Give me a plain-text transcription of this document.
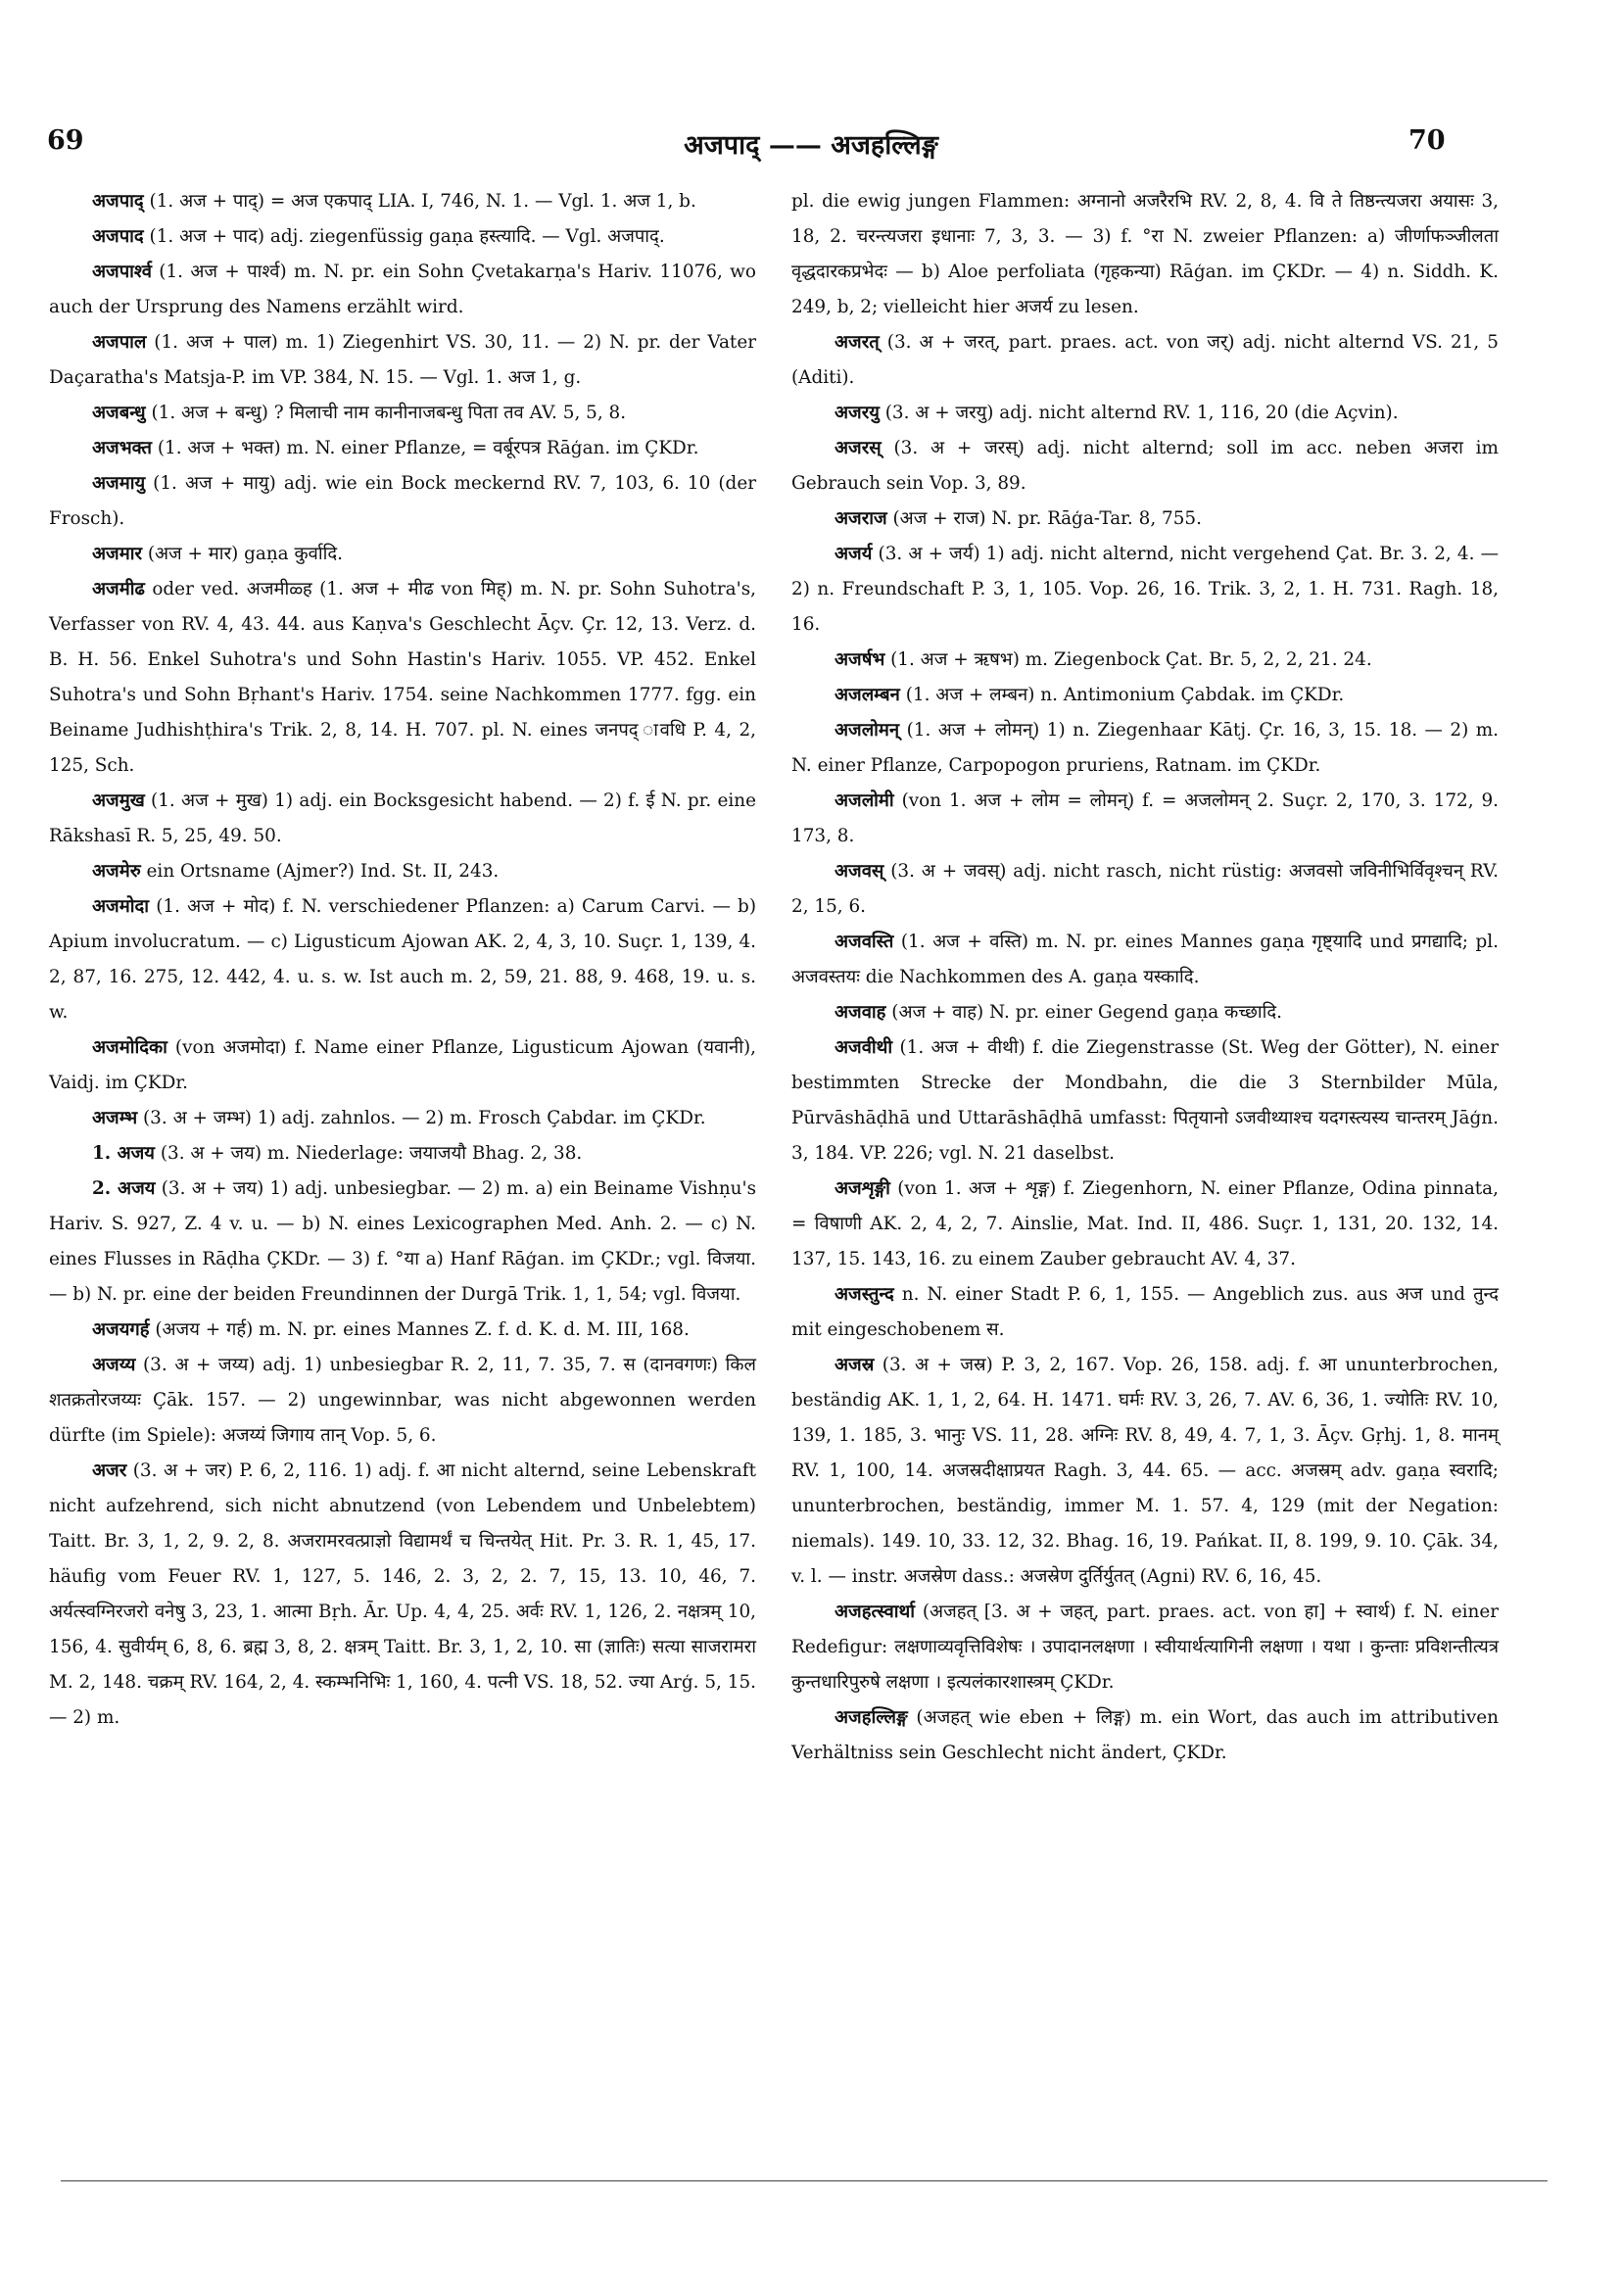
69	अजपाद् —— अजहल्लिङ्ग	70

अजपाद् (1. अज + पाद्) = अज एकपाद् LIA. I, 746, N. 1. — Vgl. 1. अज 1, b.

अजपाद (1. अज + पाद) adj. ziegenfüssig gaṇa हस्त्यादि. — Vgl. अजपाद्.

अजपार्श्व (1. अज + पार्श्व) m. N. pr. ein Sohn Çvetakarṇa's Hariv. 11076, wo auch der Ursprung des Namens erzählt wird.

अजपाल (1. अज + पाल) m. 1) Ziegenhirt VS. 30, 11. — 2) N. pr. der Vater Daçaratha's Matsja-P. im VP. 384, N. 15. — Vgl. 1. अज 1, g.

अजबन्धु (1. अज + बन्धु) ? मिलाची नाम कानीनाजबन्धु पिता तव AV. 5, 5, 8.

अजभक्त (1. अज + भक्त) m. N. einer Pflanze, = वर्बूरपत्र Rāģan. im ÇKDr.

अजमायु (1. अज + मायु) adj. wie ein Bock meckernd RV. 7, 103, 6. 10 (der Frosch).

अजमार (अज + मार) gaṇa कुर्वादि.

अजमीढ oder ved. अजमीळ्ह (1. अज + मीढ von मिह्) m. N. pr. Sohn Suhotra's, Verfasser von RV. 4, 43. 44. aus Kaṇva's Geschlecht Āçv. Çr. 12, 13. Verz. d. B. H. 56. Enkel Suhotra's und Sohn Hastin's Hariv. 1055. VP. 452. Enkel Suhotra's und Sohn Bṛhant's Hariv. 1754. seine Nachkommen 1777. fgg. ein Beiname Judhishṭhira's Trik. 2, 8, 14. H. 707. pl. N. eines जनपद् ावधि P. 4, 2, 125, Sch.

अजमुख (1. अज + मुख) 1) adj. ein Bocksgesicht habend. — 2) f. ई N. pr. eine Rākshasī R. 5, 25, 49. 50.

अजमेरु ein Ortsname (Ajmer?) Ind. St. II, 243.

अजमोदा (1. अज + मोद) f. N. verschiedener Pflanzen: a) Carum Carvi. — b) Apium involucratum. — c) Ligusticum Ajowan AK. 2, 4, 3, 10. Suçr. 1, 139, 4. 2, 87, 16. 275, 12. 442, 4. u. s. w. Ist auch m. 2, 59, 21. 88, 9. 468, 19. u. s. w.

अजमोदिका (von अजमोदा) f. Name einer Pflanze, Ligusticum Ajowan (यवानी), Vaidj. im ÇKDr.

अजम्भ (3. अ + जम्भ) 1) adj. zahnlos. — 2) m. Frosch Çabdar. im ÇKDr.

1. अजय (3. अ + जय) m. Niederlage: जयाजयौ Bhag. 2, 38.

2. अजय (3. अ + जय) 1) adj. unbesiegbar. — 2) m. a) ein Beiname Vishṇu's Hariv. S. 927, Z. 4 v. u. — b) N. eines Lexicographen Med. Anh. 2. — c) N. eines Flusses in Rāḍha ÇKDr. — 3) f. °या a) Hanf Rāģan. im ÇKDr.; vgl. विजया. — b) N. pr. eine der beiden Freundinnen der Durgā Trik. 1, 1, 54; vgl. विजया.

अजयगर्ह (अजय + गर्ह) m. N. pr. eines Mannes Z. f. d. K. d. M. III, 168.

अजय्य (3. अ + जय्य) adj. 1) unbesiegbar R. 2, 11, 7. 35, 7. स (दानवगणः) किल शतक्रतोरजय्यः Çāk. 157. — 2) ungewinnbar, was nicht abgewonnen werden dürfte (im Spiele): अजय्यं जिगाय तान् Vop. 5, 6.

अजर (3. अ + जर) P. 6, 2, 116. 1) adj. f. आ nicht alternd, seine Lebenskraft nicht aufzehrend, sich nicht abnutzend (von Lebendem und Unbelebtem) Taitt. Br. 3, 1, 2, 9. 2, 8. अजरामरवत्प्राज्ञो विद्यामर्थं च चिन्तयेत् Hit. Pr. 3. R. 1, 45, 17. häufig vom Feuer RV. 1, 127, 5. 146, 2. 3, 2, 2. 7, 15, 13. 10, 46, 7. अर्यत्स्वग्निरजरो वनेषु 3, 23, 1. आत्मा Bṛh. Ār. Up. 4, 4, 25. अर्वः RV. 1, 126, 2. नक्षत्रम् 10, 156, 4. सुवीर्यम् 6, 8, 6. ब्रह्म 3, 8, 2. क्षत्रम् Taitt. Br. 3, 1, 2, 10. सा (ज्ञातिः) सत्या साजरामरा M. 2, 148. चक्रम् RV. 164, 2, 4. स्कम्भनिभिः 1, 160, 4. पत्नी VS. 18, 52. ज्या Arģ. 5, 15. — 2) m.

pl. die ewig jungen Flammen: अग्नानो अजरैरभि RV. 2, 8, 4. वि ते तिष्ठन्त्यजरा अयासः 3, 18, 2. चरन्त्यजरा इधानाः 7, 3, 3. — 3) f. °रा N. zweier Pflanzen: a) जीर्णाफञ्जीलता वृद्धदारकप्रभेदः — b) Aloe perfoliata (गृहकन्या) Rāģan. im ÇKDr. — 4) n. Siddh. K. 249, b, 2; vielleicht hier अजर्य zu lesen.

अजरत् (3. अ + जरत्, part. praes. act. von जर्) adj. nicht alternd VS. 21, 5 (Aditi).

अजरयु (3. अ + जरयु) adj. nicht alternd RV. 1, 116, 20 (die Açvin).

अजरस् (3. अ + जरस्) adj. nicht alternd; soll im acc. neben अजरा im Gebrauch sein Vop. 3, 89.

अजराज (अज + राज) N. pr. Rāģa-Tar. 8, 755.

अजर्य (3. अ + जर्य) 1) adj. nicht alternd, nicht vergehend Çat. Br. 3. 2, 4. — 2) n. Freundschaft P. 3, 1, 105. Vop. 26, 16. Trik. 3, 2, 1. H. 731. Ragh. 18, 16.

अजर्षभ (1. अज + ऋषभ) m. Ziegenbock Çat. Br. 5, 2, 2, 21. 24.

अजलम्बन (1. अज + लम्बन) n. Antimonium Çabdak. im ÇKDr.

अजलोमन् (1. अज + लोमन्) 1) n. Ziegenhaar Kātj. Çr. 16, 3, 15. 18. — 2) m. N. einer Pflanze, Carpopogon pruriens, Ratnam. im ÇKDr.

अजलोमी (von 1. अज + लोम = लोमन्) f. = अजलोमन् 2. Suçr. 2, 170, 3. 172, 9. 173, 8.

अजवस् (3. अ + जवस्) adj. nicht rasch, nicht rüstig: अजवसो जविनीभिर्विवृश्चन् RV. 2, 15, 6.

अजवस्ति (1. अज + वस्ति) m. N. pr. eines Mannes gaṇa गृष्ट्यादि und प्रगद्यादि; pl. अजवस्तयः die Nachkommen des A. gaṇa यस्कादि.

अजवाह (अज + वाह) N. pr. einer Gegend gaṇa कच्छादि.

अजवीथी (1. अज + वीथी) f. die Ziegenstrasse (St. Weg der Götter), N. einer bestimmten Strecke der Mondbahn, die die 3 Sternbilder Mūla, Pūrvāshāḍhā und Uttarāshāḍhā umfasst: पितृयानो ऽजवीथ्याश्च यदगस्त्यस्य चान्तरम् Jāģn. 3, 184. VP. 226; vgl. N. 21 daselbst.

अजशृङ्गी (von 1. अज + शृङ्ग) f. Ziegenhorn, N. einer Pflanze, Odina pinnata, = विषाणी AK. 2, 4, 2, 7. Ainslie, Mat. Ind. II, 486. Suçr. 1, 131, 20. 132, 14. 137, 15. 143, 16. zu einem Zauber gebraucht AV. 4, 37.

अजस्तुन्द n. N. einer Stadt P. 6, 1, 155. — Angeblich zus. aus अज und तुन्द mit eingeschobenem स.

अजस्र (3. अ + जस्र) P. 3, 2, 167. Vop. 26, 158. adj. f. आ ununterbrochen, beständig AK. 1, 1, 2, 64. H. 1471. घर्मः RV. 3, 26, 7. AV. 6, 36, 1. ज्योतिः RV. 10, 139, 1. 185, 3. भानुः VS. 11, 28. अग्निः RV. 8, 49, 4. 7, 1, 3. Āçv. Gṛhj. 1, 8. मानम् RV. 1, 100, 14. अजस्रदीक्षाप्रयत Ragh. 3, 44. 65. — acc. अजस्रम् adv. gaṇa स्वरादि; ununterbrochen, beständig, immer M. 1. 57. 4, 129 (mit der Negation: niemals). 149. 10, 33. 12, 32. Bhag. 16, 19. Pańkat. II, 8. 199, 9. 10. Çāk. 34, v. l. — instr. अजस्रेण dass.: अजस्रेण दुर्तिर्युतत् (Agni) RV. 6, 16, 45.

अजहत्स्वार्था (अजहत् [3. अ + जहत्, part. praes. act. von हा] + स्वार्थ) f. N. einer Redefigur: लक्षणाव्यवृत्तिविशेषः । उपादानलक्षणा । स्वीयार्थत्यागिनी लक्षणा । यथा । कुन्ताः प्रविशन्तीत्यत्र कुन्तधारिपुरुषे लक्षणा । इत्यलंकारशास्त्रम् ÇKDr.

अजहल्लिङ्ग (अजहत् wie eben + लिङ्ग) m. ein Wort, das auch im attributiven Verhältniss sein Geschlecht nicht ändert, ÇKDr.
